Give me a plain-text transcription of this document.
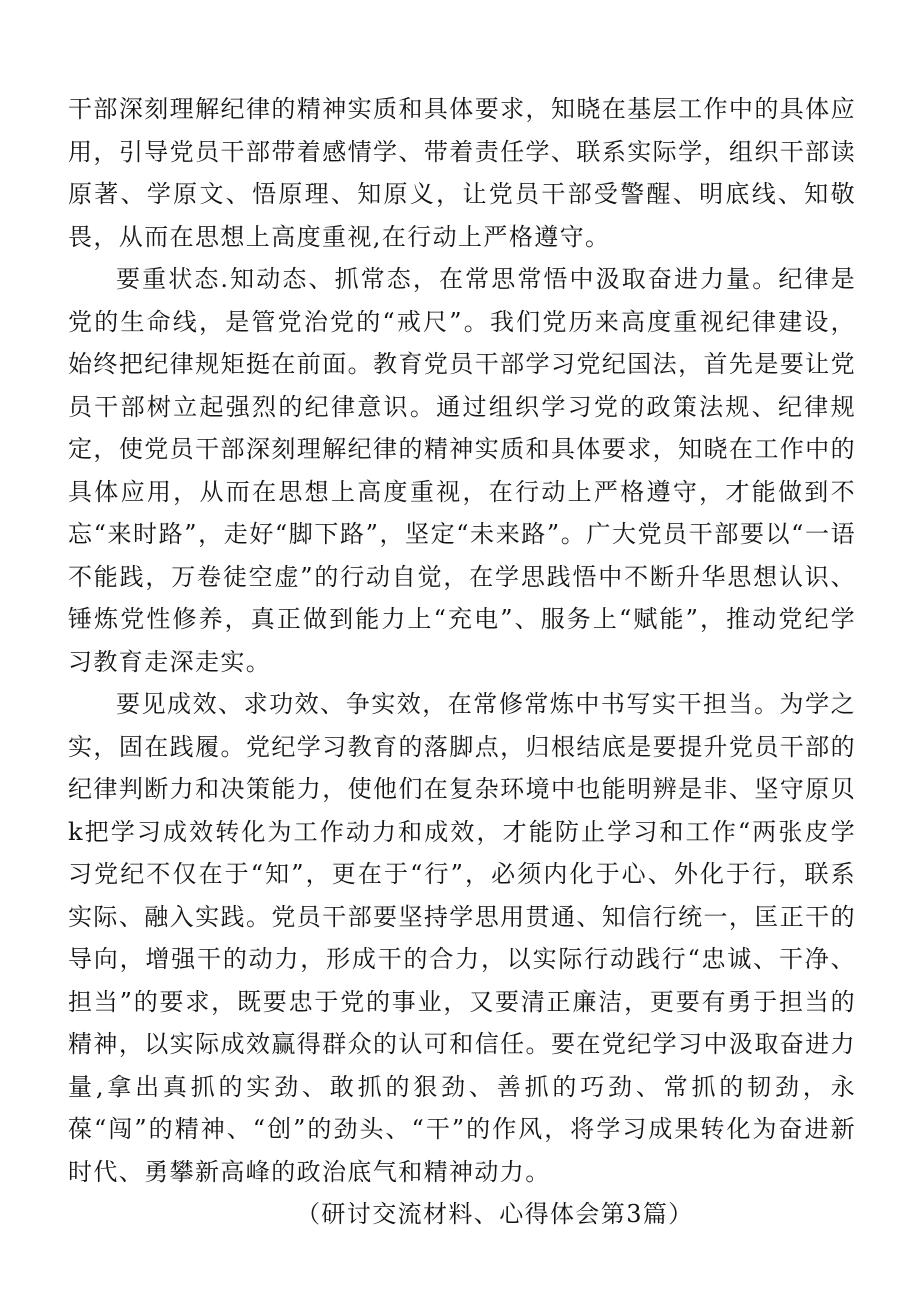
干部深刻理解纪律的精神实质和具体要求，知晓在基层工作中的具体应用，引导党员干部带着感情学、带着责任学、联系实际学，组织干部读原著、学原文、悟原理、知原义，让党员干部受警醒、明底线、知敬畏，从而在思想上高度重视,在行动上严格遵守。

要重状态.知动态、抓常态，在常思常悟中汲取奋进力量。纪律是党的生命线，是管党治党的“戒尺”。我们党历来高度重视纪律建设，始终把纪律规矩挺在前面。教育党员干部学习党纪国法，首先是要让党员干部树立起强烈的纪律意识。通过组织学习党的政策法规、纪律规定，使党员干部深刻理解纪律的精神实质和具体要求，知晓在工作中的具体应用，从而在思想上高度重视，在行动上严格遵守，才能做到不忘“来时路”，走好“脚下路”，坚定“未来路”。广大党员干部要以“一语不能践，万卷徒空虚”的行动自觉，在学思践悟中不断升华思想认识、锤炼党性修养，真正做到能力上“充电”、服务上“赋能”，推动党纪学习教育走深走实。

要见成效、求功效、争实效，在常修常炼中书写实干担当。为学之实，固在践履。党纪学习教育的落脚点，归根结底是要提升党员干部的纪律判断力和决策能力，使他们在复杂环境中也能明辨是非、坚守原贝k把学习成效转化为工作动力和成效，才能防止学习和工作“两张皮学习党纪不仅在于“知”，更在于“行”，必须内化于心、外化于行，联系实际、融入实践。党员干部要坚持学思用贯通、知信行统一，匡正干的导向，增强干的动力，形成干的合力，以实际行动践行“忠诚、干净、担当”的要求，既要忠于党的事业，又要清正廉洁，更要有勇于担当的精神，以实际成效赢得群众的认可和信任。要在党纪学习中汲取奋进力量,拿出真抓的实劲、敢抓的狠劲、善抓的巧劲、常抓的韧劲，永葆“闯”的精神、“创”的劲头、“干”的作风，将学习成果转化为奋进新时代、勇攀新高峰的政治底气和精神动力。

（研讨交流材料、心得体会第3篇）
